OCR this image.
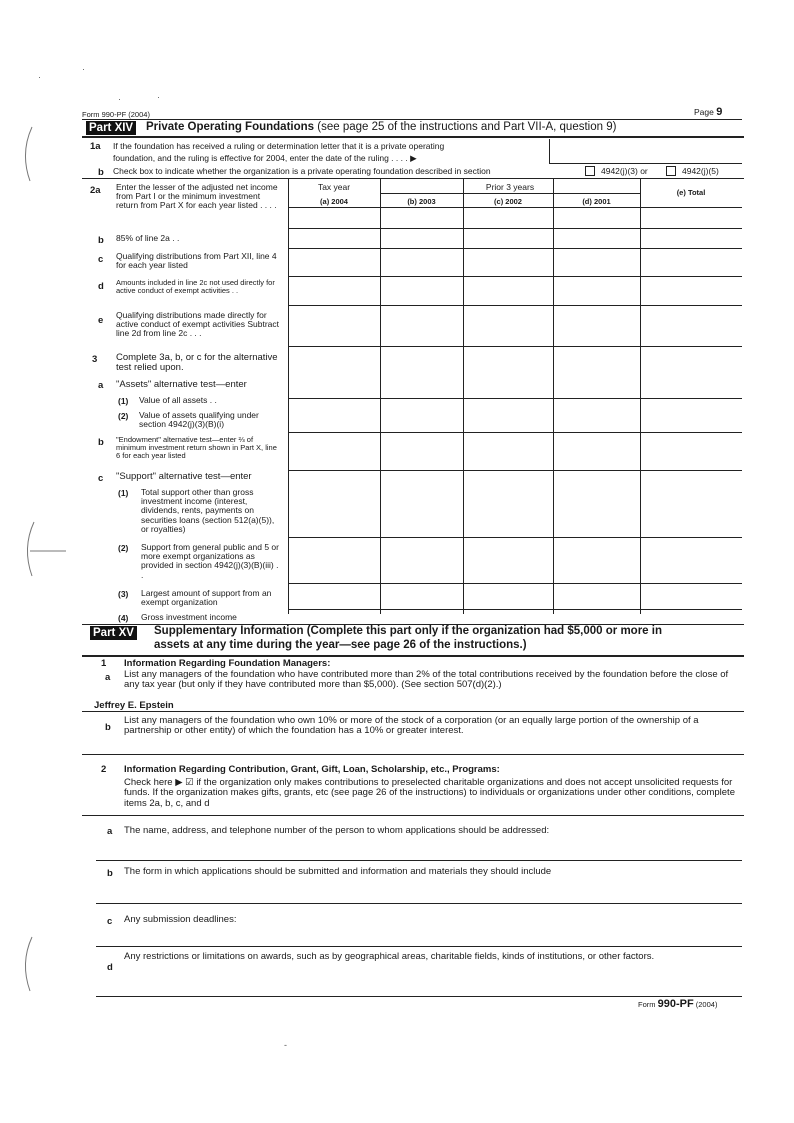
Form 990-PF (2004)	Page 9
·
·
·	·
Part XIV Private Operating Foundations (see page 25 of the instructions and Part VII-A, question 9)
1a If the foundation has received a ruling or determination letter that it is a private operating
foundation, and the ruling is effective for 2004, enter the date of the ruling . . . . ▶
b Check box to indicate whether the organization is a private operating foundation described in section	4942(j)(3) or	4942(j)(5)
Tax year	Prior 3 years
(a) 2004	(b) 2003	(c) 2002	(d) 2001
(e) Total
2a Enter the lesser of the adjusted net income from Part I or the minimum investment return from Part X for each year listed . . . .
b 85% of line 2a . .
c Qualifying distributions from Part XII, line 4 for each year listed
d Amounts included in line 2c not used directly for active conduct of exempt activities . .
e Qualifying distributions made directly for active conduct of exempt activities Subtract line 2d from line 2c . . .
3 Complete 3a, b, or c for the alternative test relied upon.
a "Assets" alternative test—enter
(1) Value of all assets . .
(2) Value of assets qualifying under section 4942(j)(3)(B)(i)
b "Endowment" alternative test—enter ⅔ of minimum investment return shown in Part X, line 6 for each year listed
c "Support" alternative test—enter
(1) Total support other than gross investment income (interest, dividends, rents, payments on securities loans (section 512(a)(5)), or royalties)
(2) Support from general public and 5 or more exempt organizations as provided in section 4942(j)(3)(B)(iii) . .
(3) Largest amount of support from an exempt organization
(4) Gross investment income
Part XV Supplementary Information (Complete this part only if the organization had $5,000 or more in
assets at any time during the year—see page 26 of the instructions.)
1 Information Regarding Foundation Managers:
a List any managers of the foundation who have contributed more than 2% of the total contributions received by the foundation before the close of any tax year (but only if they have contributed more than $5,000). (See section 507(d)(2).)
Jeffrey E. Epstein
b
List any managers of the foundation who own 10% or more of the stock of a corporation (or an equally large portion of the ownership of a partnership or other entity) of which the foundation has a 10% or greater interest.
2 Information Regarding Contribution, Grant, Gift, Loan, Scholarship, etc., Programs:
Check here ▶ ☑ if the organization only makes contributions to preselected charitable organizations and does not accept unsolicited requests for funds. If the organization makes gifts, grants, etc (see page 26 of the instructions) to individuals or organizations under other conditions, complete items 2a, b, c, and d
a The name, address, and telephone number of the person to whom applications should be addressed:
b The form in which applications should be submitted and information and materials they should include
c Any submission deadlines:
d
Any restrictions or limitations on awards, such as by geographical areas, charitable fields, kinds of institutions, or other factors.
Form 990-PF (2004)
-
